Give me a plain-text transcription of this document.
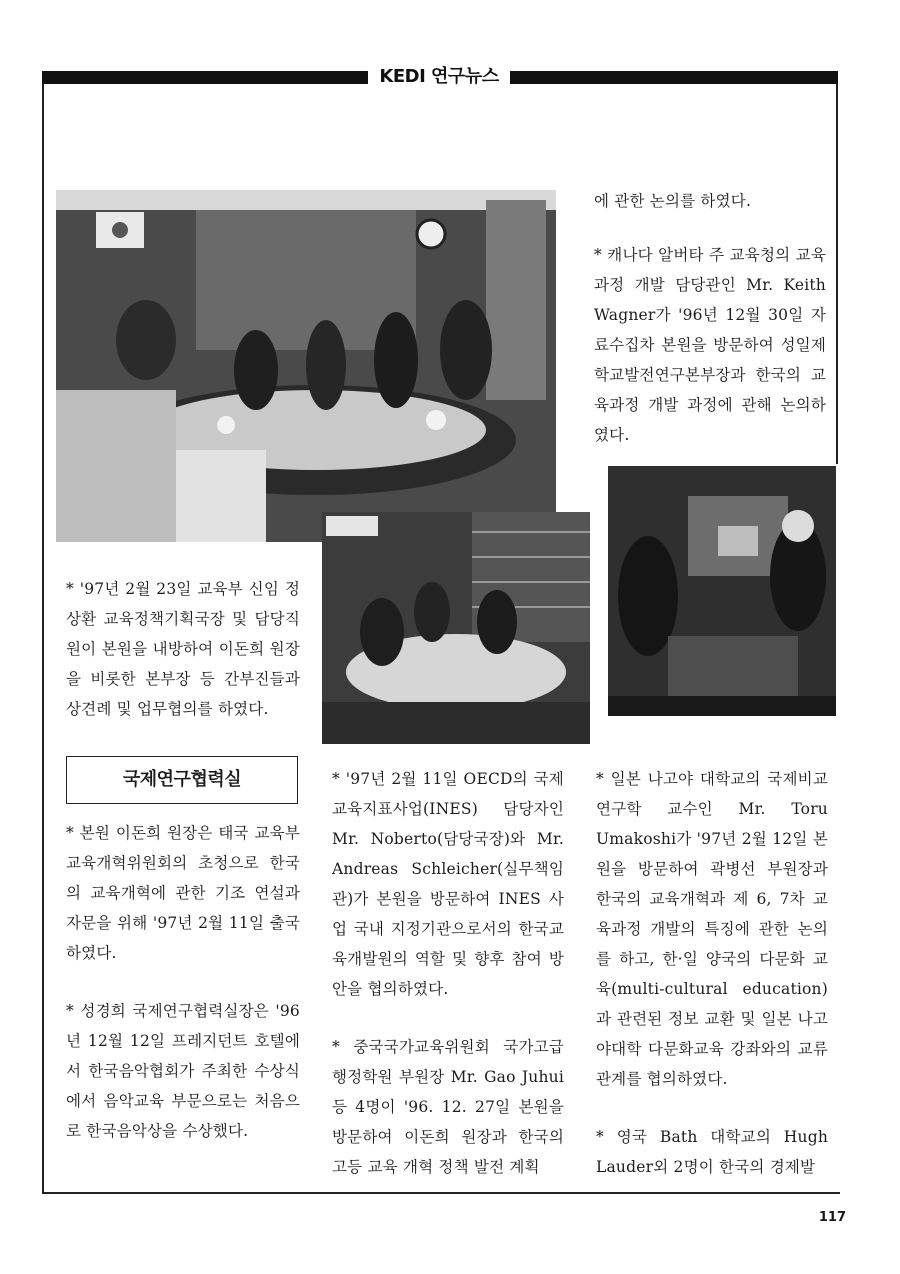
KEDI 연구뉴스

에 관한 논의를 하였다.

* 캐나다 알버타 주 교육청의 교육 과정 개발 담당관인 Mr. Keith Wagner가 '96년 12월 30일 자료수집차 본원을 방문하여 성일제 학교발전연구본부장과 한국의 교육과정 개발 과정에 관해 논의하였다.

* '97년 2월 23일 교육부 신임 정상환 교육정책기획국장 및 담당직원이 본원을 내방하여 이돈희 원장을 비롯한 본부장 등 간부진들과 상견례 및 업무협의를 하였다.

국제연구협력실

* 본원 이돈희 원장은 태국 교육부 교육개혁위원회의 초청으로 한국의 교육개혁에 관한 기조 연설과 자문을 위해 '97년 2월 11일 출국하였다.

* 성경희 국제연구협력실장은 '96년 12월 12일 프레지던트 호텔에서 한국음악협회가 주최한 수상식에서 음악교육 부문으로는 처음으로 한국음악상을 수상했다.

* '97년 2월 11일 OECD의 국제교육지표사업(INES) 담당자인 Mr. Noberto(담당국장)와 Mr. Andreas Schleicher(실무책임관)가 본원을 방문하여 INES 사업 국내 지정기관으로서의 한국교육개발원의 역할 및 향후 참여 방안을 협의하였다.

* 중국국가교육위원회 국가고급 행정학원 부원장 Mr. Gao Juhui 등 4명이 '96. 12. 27일 본원을 방문하여 이돈희 원장과 한국의 고등 교육 개혁 정책 발전 계획

* 일본 나고야 대학교의 국제비교연구학 교수인 Mr. Toru Umakoshi가 '97년 2월 12일 본원을 방문하여 곽병선 부원장과 한국의 교육개혁과 제 6, 7차 교육과정 개발의 특징에 관한 논의를 하고, 한·일 양국의 다문화 교육(multi-cultural education)과 관련된 정보 교환 및 일본 나고야대학 다문화교육 강좌와의 교류관계를 협의하였다.

* 영국 Bath 대학교의 Hugh Lauder외 2명이 한국의 경제발

117
